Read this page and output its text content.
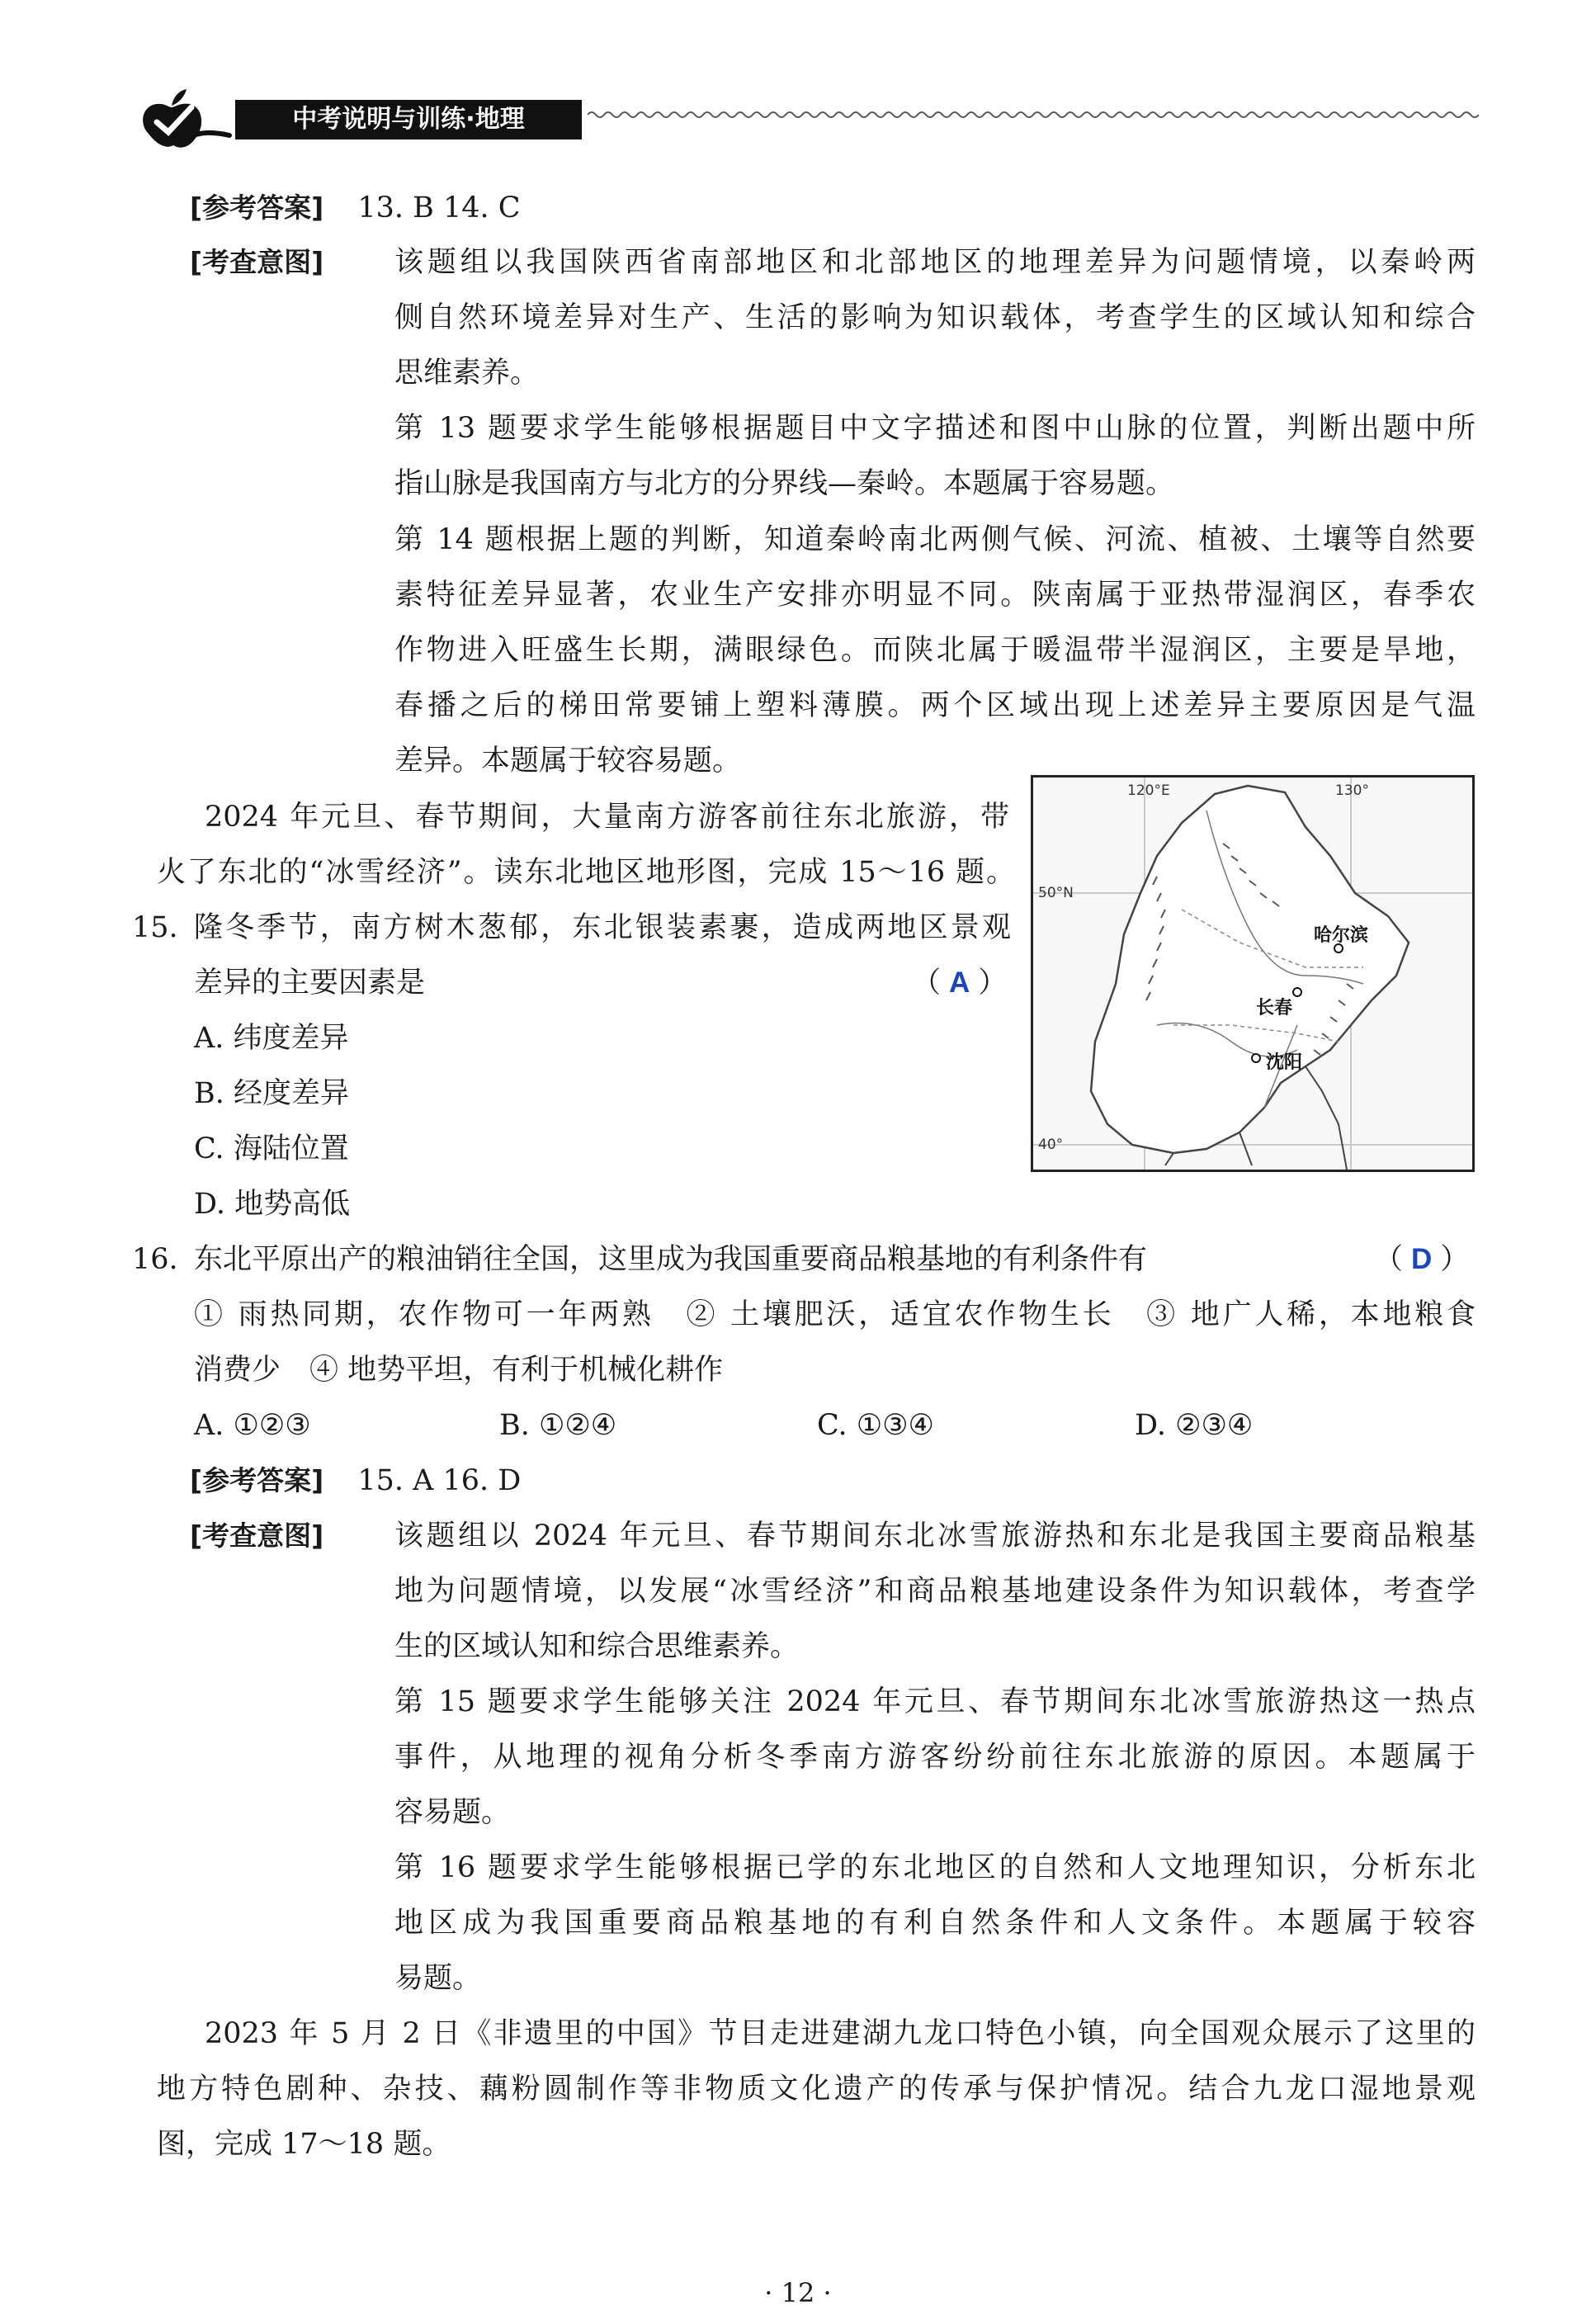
中考说明与训练·地理
[参考答案] 13. B 14. C
[考查意图] 该题组以我国陕西省南部地区和北部地区的地理差异为问题情境，以秦岭两
侧自然环境差异对生产、生活的影响为知识载体，考查学生的区域认知和综合
思维素养。
第 13 题要求学生能够根据题目中文字描述和图中山脉的位置，判断出题中所
指山脉是我国南方与北方的分界线—秦岭。本题属于容易题。
第 14 题根据上题的判断，知道秦岭南北两侧气候、河流、植被、土壤等自然要
素特征差异显著，农业生产安排亦明显不同。陕南属于亚热带湿润区，春季农
作物进入旺盛生长期，满眼绿色。而陕北属于暖温带半湿润区，主要是旱地，
春播之后的梯田常要铺上塑料薄膜。两个区域出现上述差异主要原因是气温
差异。本题属于较容易题。
2024 年元旦、春节期间，大量南方游客前往东北旅游，带
火了东北的“冰雪经济”。读东北地区地形图，完成 15～16 题。
15. 隆冬季节，南方树木葱郁，东北银装素裹，造成两地区景观
差异的主要因素是	（ A ）
A. 纬度差异
B. 经度差异
C. 海陆位置
D. 地势高低
120°E	130°
50°N
40°
哈尔滨
长春
沈阳
16. 东北平原出产的粮油销往全国，这里成为我国重要商品粮基地的有利条件有	（ D ）
① 雨热同期，农作物可一年两熟　② 土壤肥沃，适宜农作物生长　③ 地广人稀，本地粮食
消费少　④ 地势平坦，有利于机械化耕作
A. ①②③	B. ①②④	C. ①③④	D. ②③④
[参考答案] 15. A 16. D
[考查意图] 该题组以 2024 年元旦、春节期间东北冰雪旅游热和东北是我国主要商品粮基
地为问题情境，以发展“冰雪经济”和商品粮基地建设条件为知识载体，考查学
生的区域认知和综合思维素养。
第 15 题要求学生能够关注 2024 年元旦、春节期间东北冰雪旅游热这一热点
事件，从地理的视角分析冬季南方游客纷纷前往东北旅游的原因。本题属于
容易题。
第 16 题要求学生能够根据已学的东北地区的自然和人文地理知识，分析东北
地区成为我国重要商品粮基地的有利自然条件和人文条件。本题属于较容
易题。
2023 年 5 月 2 日《非遗里的中国》节目走进建湖九龙口特色小镇，向全国观众展示了这里的
地方特色剧种、杂技、藕粉圆制作等非物质文化遗产的传承与保护情况。结合九龙口湿地景观
图，完成 17～18 题。
· 12 ·
